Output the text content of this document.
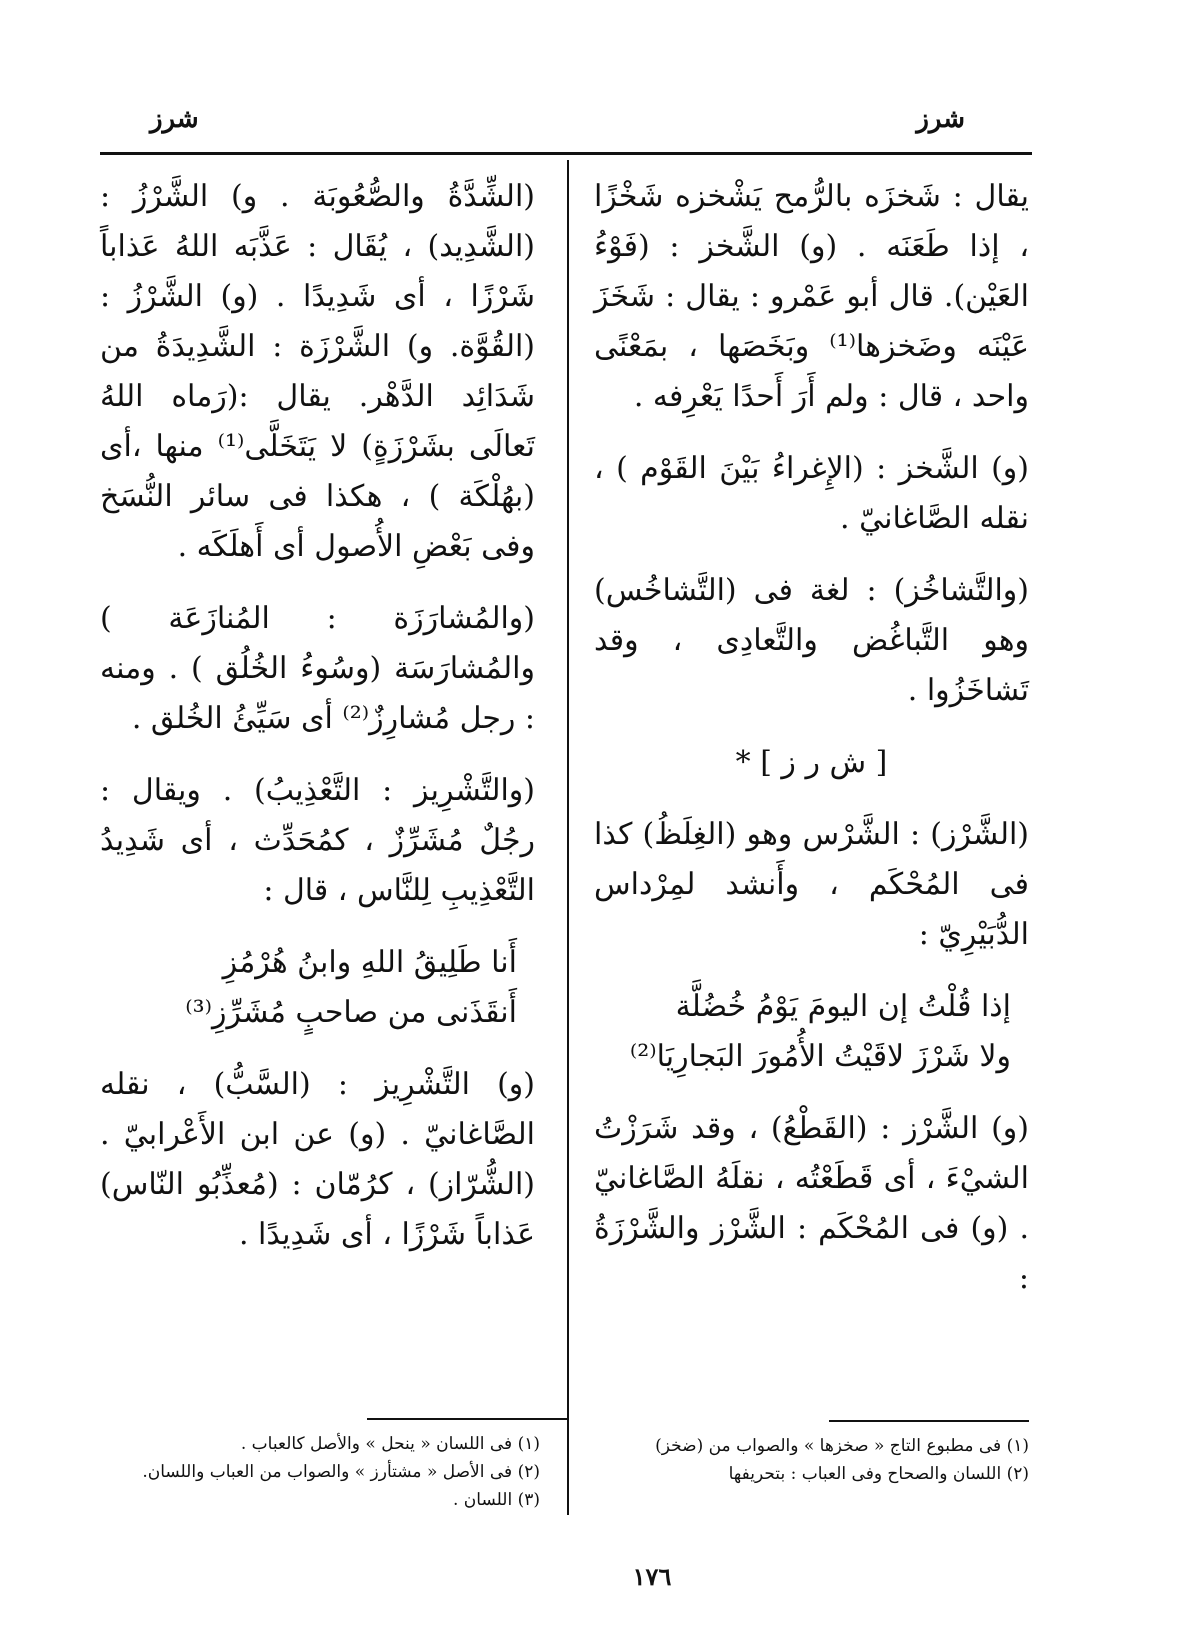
شرز
شرز

يقال : شَخزَه بالرُّمح يَشْخزه شَخْزًا ، إذا طَعَنَه . (و) الشَّخز : (فَوْءُ العَيْن). قال أبو عَمْرو : يقال : شَخَزَ عَيْنَه وضَخزها⁽¹⁾ وبَخَصَها ، بمَعْنًى واحد ، قال : ولم أَرَ أَحدًا يَعْرِفه .

(و) الشَّخز : (الإِغراءُ بَيْنَ القَوْم ) ، نقله الصَّاغانيّ .

(والتَّشاخُز) : لغة فى (التَّشاخُس) وهو التَّباغُض والتَّعادِى ، وقد تَشاخَزُوا .

[ ش ر ز ] *

(الشَّرْز) : الشَّرْس وهو (الغِلَظُ) كذا فى المُحْكَم ، وأَنشد لمِرْداس الدُّبَيْرِيّ :

إذا قُلْتُ إن اليومَ يَوْمُ خُضُلَّة
ولا شَرْزَ لاقَيْتُ الأُمُورَ البَجارِيَا⁽²⁾

(و) الشَّرْز : (القَطْعُ) ، وقد شَرَزْتُ الشيْءَ ، أى قَطَعْتُه ، نقلَهُ الصَّاغانيّ . (و) فى المُحْكَم : الشَّرْز والشَّرْزَةُ :

(الشِّدَّةُ والصُّعُوبَة . و) الشَّرْزُ : (الشَّدِيد) ، يُقَال : عَذَّبَه اللهُ عَذاباً شَرْزًا ، أى شَدِيدًا . (و) الشَّرْزُ : (القُوَّة. و) الشَّرْزَة : الشَّدِيدَةُ من شَدَائِد الدَّهْر. يقال :(رَماه اللهُ تَعالَى بشَرْزَةٍ) لا يَتَخَلَّى⁽¹⁾ منها ،أى (بهُلْكَة ) ، هكذا فى سائر النُّسَخ وفى بَعْضِ الأُصول أى أَهلَكَه .

(والمُشارَزَة : المُنازَعَة ) والمُشارَسَة (وسُوءُ الخُلُق ) . ومنه : رجل مُشارِزٌ⁽²⁾ أى سَيِّئُ الخُلق .

(والتَّشْرِيز : التَّعْذِيبُ) . ويقال : رجُلٌ مُشَرِّزٌ ، كمُحَدِّث ، أى شَدِيدُ التَّعْذِيبِ لِلنَّاس ، قال :

أَنا طَلِيقُ اللهِ وابنُ هُرْمُزِ
أَنقَذَنى من صاحبٍ مُشَرِّزِ⁽³⁾

(و) التَّشْرِيز : (السَّبُّ) ، نقله الصَّاغانيّ . (و) عن ابن الأَعْرابيّ . (الشُّرّاز) ، كرُمّان : (مُعذِّبُو النّاس) عَذاباً شَرْزًا ، أى شَدِيدًا .

(١) فى مطبوع التاج « صخزها » والصواب من (ضخز)
(٢) اللسان والصحاح وفى العباب : بتحريفها
(١) فى اللسان « ينحل » والأصل كالعباب .
(٢) فى الأصل « مشتأرز » والصواب من العباب واللسان.
(٣) اللسان .
١٧٦
